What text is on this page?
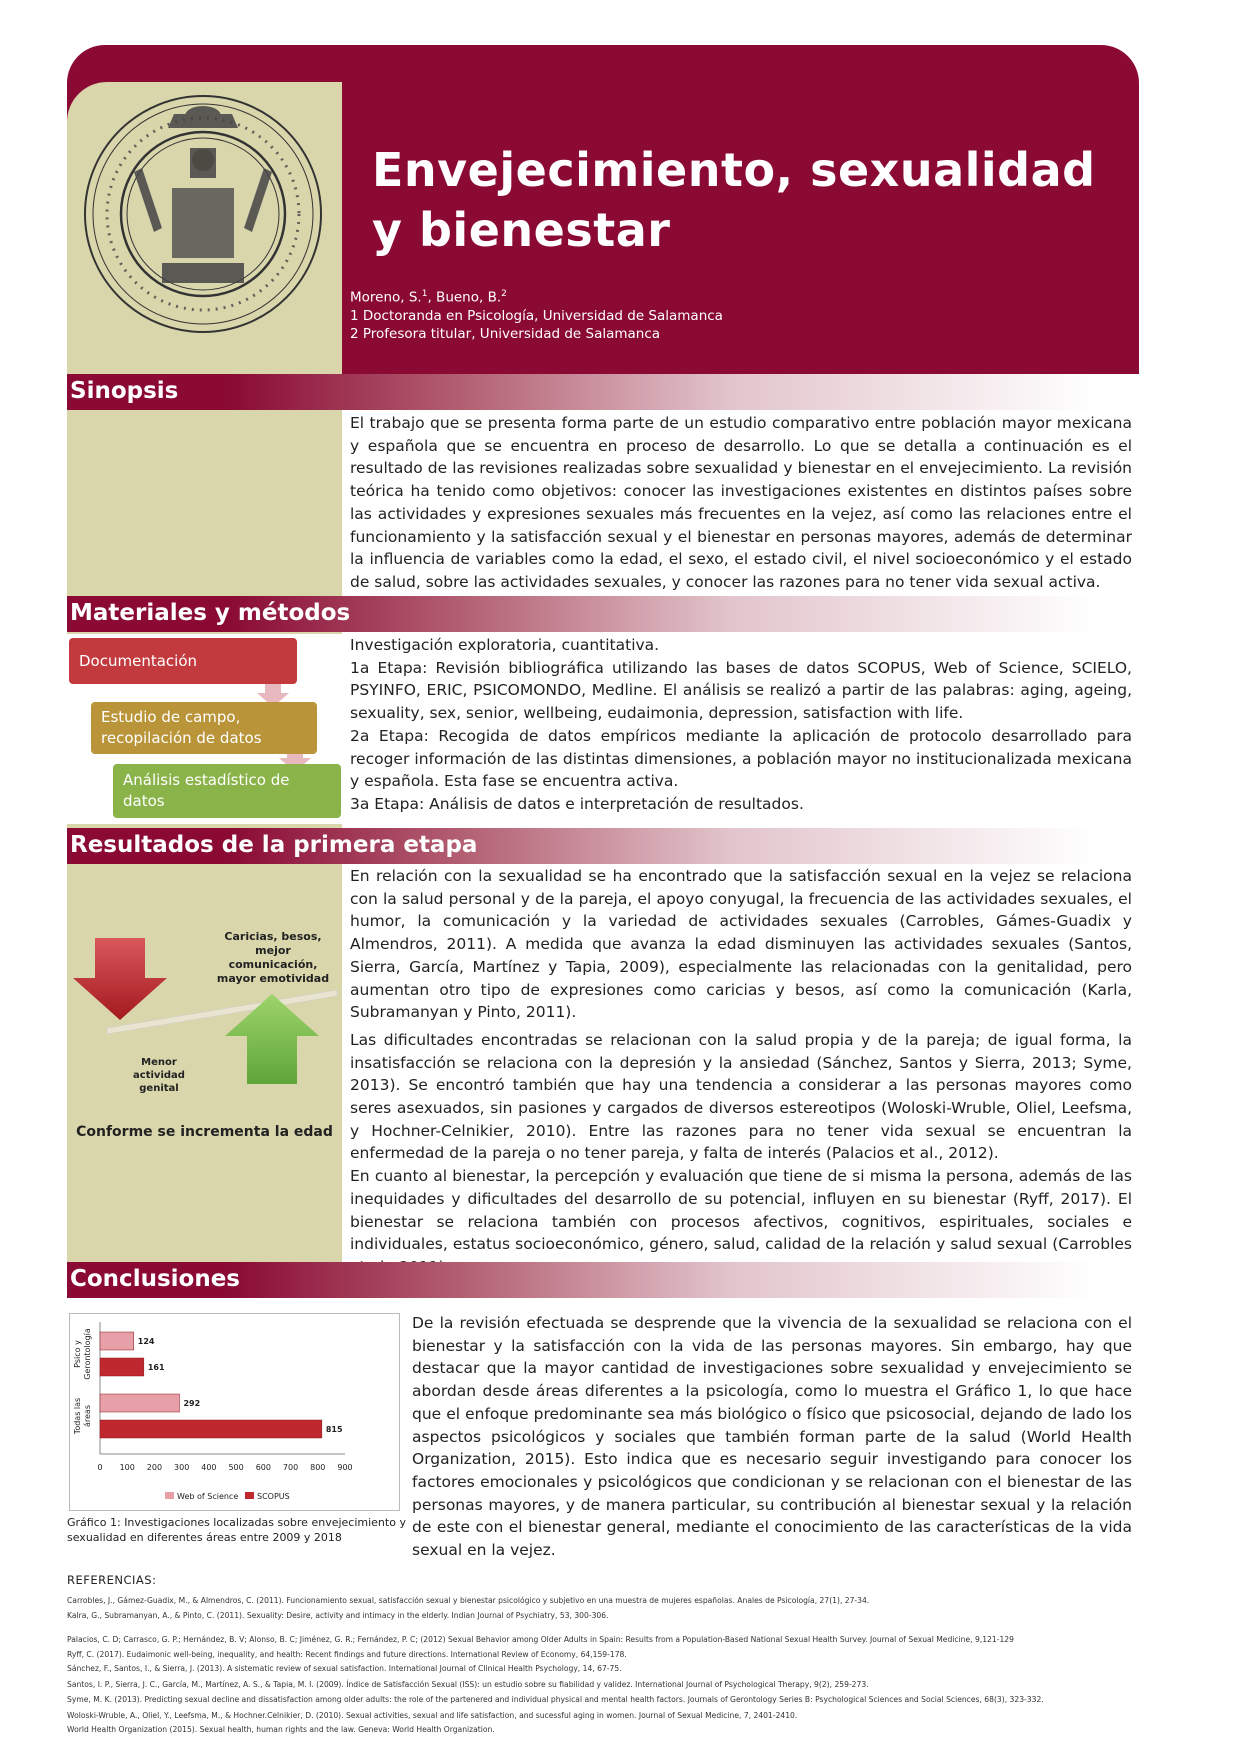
Envejecimiento, sexualidad y bienestar
Moreno, S.$^1$, Bueno, B.$^2$
1 Doctoranda en Psicología, Universidad de Salamanca
2 Profesora titular, Universidad de Salamanca
Sinopsis

El trabajo que se presenta forma parte de un estudio comparativo entre población mayor mexicana y española que se encuentra en proceso de desarrollo. Lo que se detalla a continuación es el resultado de las revisiones realizadas sobre sexualidad y bienestar en el envejecimiento. La revisión teórica ha tenido como objetivos: conocer las investigaciones existentes en distintos países sobre las actividades y expresiones sexuales más frecuentes en la vejez, así como las relaciones entre el funcionamiento y la satisfacción sexual y el bienestar en personas mayores, además de determinar la influencia de variables como la edad, el sexo, el estado civil, el nivel socioeconómico y el estado de salud, sobre las actividades sexuales, y conocer las razones para no tener vida sexual activa.

Materiales y métodos
Documentación
Estudio de campo, recopilación de datos
Análisis estadístico de datos

Investigación exploratoria, cuantitativa.

1a Etapa: Revisión bibliográfica utilizando las bases de datos SCOPUS, Web of Science, SCIELO, PSYINFO, ERIC, PSICOMONDO, Medline. El análisis se realizó a partir de las palabras: aging, ageing, sexuality, sex, senior, wellbeing, eudaimonia, depression, satisfaction with life.

2a Etapa: Recogida de datos empíricos mediante la aplicación de protocolo desarrollado para recoger información de las distintas dimensiones, a población mayor no institucionalizada mexicana y española. Esta fase se encuentra activa.

3a Etapa: Análisis de datos e interpretación de resultados.

Resultados de la primera etapa
Caricias, besos, mejor comunicación, mayor emotividad
Menor actividad genital
Conforme se incrementa la edad

En relación con la sexualidad se ha encontrado que la satisfacción sexual en la vejez se relaciona con la salud personal y de la pareja, el apoyo conyugal, la frecuencia de las actividades sexuales, el humor, la comunicación y la variedad de actividades sexuales (Carrobles, Gámes-Guadix y Almendros, 2011). A medida que avanza la edad disminuyen las actividades sexuales (Santos, Sierra, García, Martínez y Tapia, 2009), especialmente las relacionadas con la genitalidad, pero aumentan otro tipo de expresiones como caricias y besos, así como la comunicación (Karla, Subramanyan y Pinto, 2011).

Las dificultades encontradas se relacionan con la salud propia y de la pareja; de igual forma, la insatisfacción se relaciona con la depresión y la ansiedad (Sánchez, Santos y Sierra, 2013; Syme, 2013). Se encontró también que hay una tendencia a considerar a las personas mayores como seres asexuados, sin pasiones y cargados de diversos estereotipos (Woloski-Wruble, Oliel, Leefsma, y Hochner-Celnikier, 2010). Entre las razones para no tener vida sexual se encuentran la enfermedad de la pareja o no tener pareja, y falta de interés (Palacios et al., 2012).

En cuanto al bienestar, la percepción y evaluación que tiene de si misma la persona, además de las inequidades y dificultades del desarrollo de su potencial, influyen en su bienestar (Ryff, 2017). El bienestar se relaciona también con procesos afectivos, cognitivos, espirituales, sociales e individuales, estatus socioeconómico, género, salud, calidad de la relación y salud sexual (Carrobles

Conclusiones
124
161
Psico y Gerontología
292
815
Todas las áreas
0 100 200 300 400 500 600 700 800 900
Web of Science SCOPUS
Gráfico 1: Investigaciones localizadas sobre envejecimiento y sexualidad en diferentes áreas entre 2009 y 2018

De la revisión efectuada se desprende que la vivencia de la sexualidad se relaciona con el bienestar y la satisfacción con la vida de las personas mayores. Sin embargo, hay que destacar que la mayor cantidad de investigaciones sobre sexualidad y envejecimiento se abordan desde áreas diferentes a la psicología, como lo muestra el Gráfico 1, lo que hace que el enfoque predominante sea más biológico o físico que psicosocial, dejando de lado los aspectos psicológicos y sociales que también forman parte de la salud (World Health Organization, 2015). Esto indica que es necesario seguir investigando para conocer los factores emocionales y psicológicos que condicionan y se relacionan con el bienestar de las personas mayores, y de manera particular, su contribución al bienestar sexual y la relación de este con el bienestar general, mediante el conocimiento de las características de la vida sexual en la vejez.

REFERENCIAS:
Carrobles, J., Gámez-Guadix, M., & Almendros, C. (2011). Funcionamiento sexual, satisfacción sexual y bienestar psicológico y subjetivo en una muestra de mujeres españolas. Anales de Psicología, 27(1), 27-34.
Kalra, G., Subramanyan, A., & Pinto, C. (2011). Sexuality: Desire, activity and intimacy in the elderly. Indian Journal of Psychiatry, 53, 300-306.
Palacios, C. D; Carrasco, G. P.; Hernández, B. V; Alonso, B. C; Jiménez, G. R.; Fernández, P. C; (2012) Sexual Behavior among Older Adults in Spain: Results from a Population-Based National Sexual Health Survey. Journal of Sexual Medicine, 9,121-129
Ryff, C. (2017). Eudaimonic well-being, inequality, and health: Recent findings and future directions. International Review of Economy, 64,159-178.
Sánchez, F., Santos, I., & Sierra, J. (2013). A sistematic review of sexual satisfaction. International Journal of Clinical Health Psychology, 14, 67-75.
Santos, I. P., Sierra, J. C., García, M., Martínez, A. S., & Tapia, M. I. (2009). Índice de Satisfacción Sexual (ISS): un estudio sobre su fiabilidad y validez. International Journal of Psychological Therapy, 9(2), 259-273.
Syme, M. K. (2013). Predicting sexual decline and dissatisfaction among older adults: the role of the partenered and individual physical and mental health factors. Journals of Gerontology Series B: Psychological Sciences and Social Sciences, 68(3), 323-332.
Woloski-Wruble, A., Oliel, Y., Leefsma, M., & Hochner.Celnikier, D. (2010). Sexual activities, sexual and life satisfaction, and sucessful aging in women. Journal of Sexual Medicine, 7, 2401-2410.
World Health Organization (2015). Sexual health, human rights and the law. Geneva: World Health Organization.
